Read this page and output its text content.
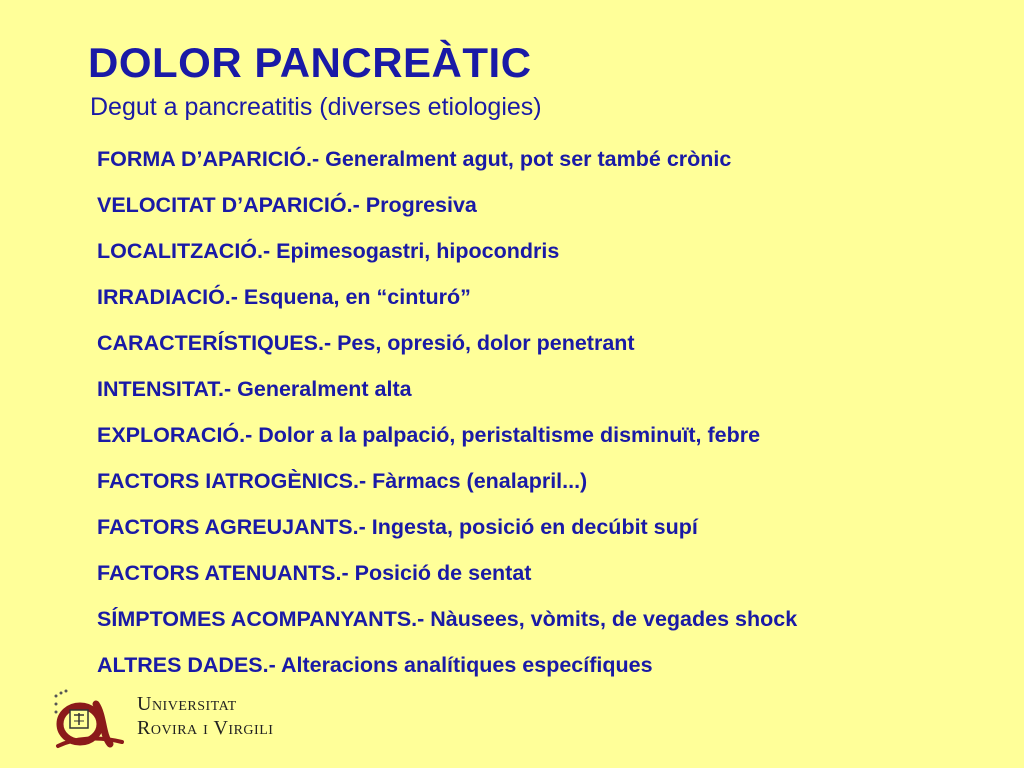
DOLOR PANCREÀTIC
Degut a pancreatitis (diverses etiologies)
FORMA D’APARICIÓ.- Generalment agut, pot ser també crònic
VELOCITAT D’APARICIÓ.- Progresiva
LOCALITZACIÓ.- Epimesogastri, hipocondris
IRRADIACIÓ.- Esquena, en “cinturó”
CARACTERÍSTIQUES.- Pes, opresió, dolor penetrant
INTENSITAT.- Generalment alta
EXPLORACIÓ.- Dolor a la palpació, peristaltisme disminuït, febre
FACTORS IATROGÈNICS.- Fàrmacs (enalapril...)
FACTORS AGREUJANTS.- Ingesta, posició en decúbit supí
FACTORS ATENUANTS.- Posició de sentat
SÍMPTOMES ACOMPANYANTS.- Nàusees, vòmits, de vegades shock
ALTRES DADES.- Alteracions analítiques específiques
Universitat
Rovira i Virgili
